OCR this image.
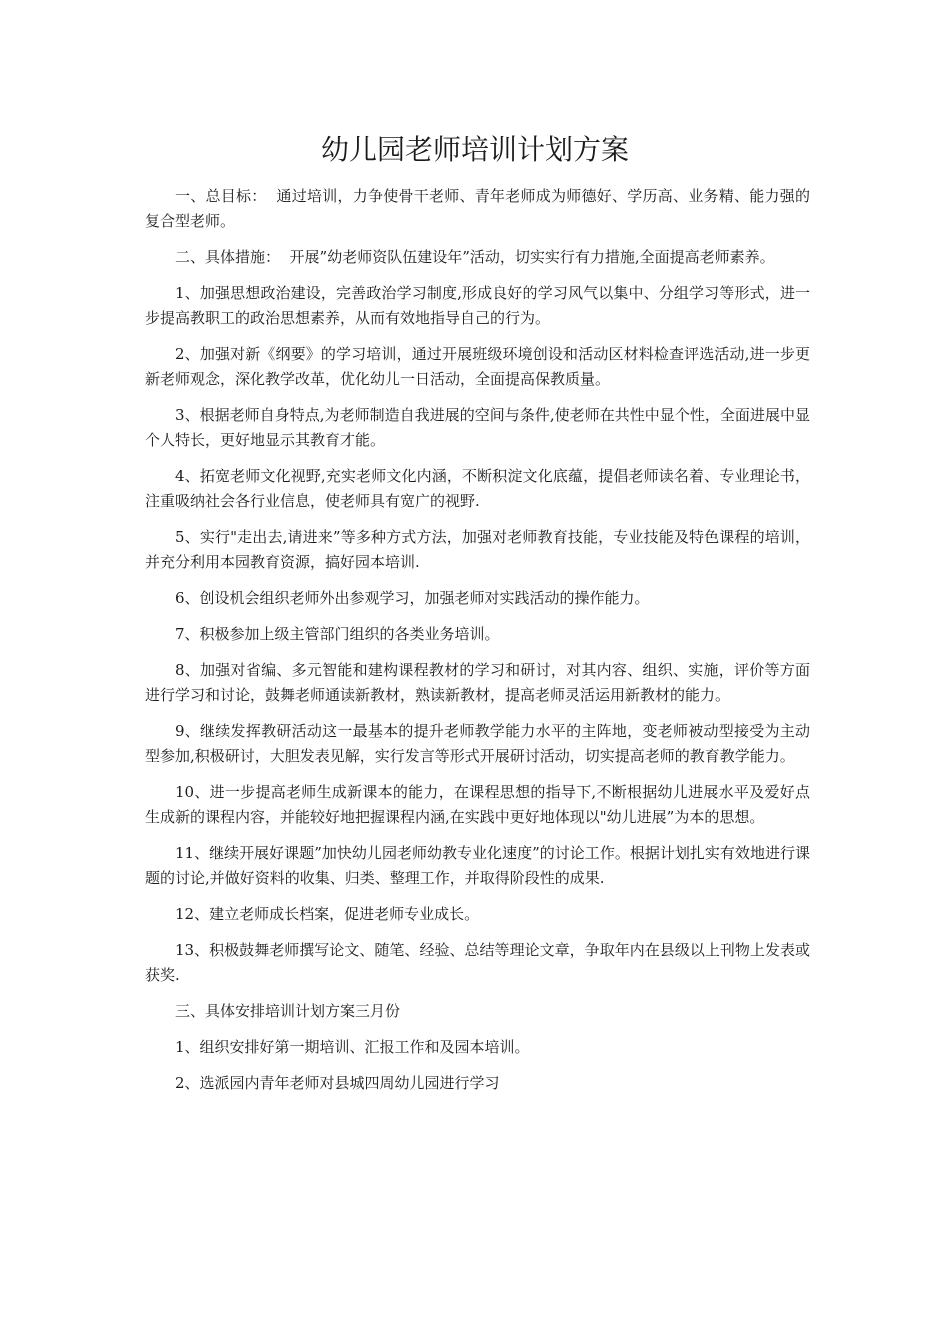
幼儿园老师培训计划方案

一、总目标：  通过培训，力争使骨干老师、青年老师成为师德好、学历高、业务精、能力强的复合型老师。

二、具体措施：  开展”幼老师资队伍建设年”活动，切实实行有力措施,全面提高老师素养。

1、加强思想政治建设，完善政治学习制度,形成良好的学习风气以集中、分组学习等形式，进一步提高教职工的政治思想素养，从而有效地指导自己的行为。

2、加强对新《纲要》的学习培训，通过开展班级环境创设和活动区材料检查评选活动,进一步更新老师观念，深化教学改革，优化幼儿一日活动，全面提高保教质量。

3、根据老师自身特点,为老师制造自我进展的空间与条件,使老师在共性中显个性，全面进展中显个人特长，更好地显示其教育才能。

4、拓宽老师文化视野,充实老师文化内涵，不断积淀文化底蕴，提倡老师读名着、专业理论书，注重吸纳社会各行业信息，使老师具有宽广的视野.

5、实行"走出去,请进来”等多种方式方法，加强对老师教育技能，专业技能及特色课程的培训，并充分利用本园教育资源，搞好园本培训.

6、创设机会组织老师外出参观学习，加强老师对实践活动的操作能力。

7、积极参加上级主管部门组织的各类业务培训。

8、加强对省编、多元智能和建构课程教材的学习和研讨，对其内容、组织、实施，评价等方面进行学习和讨论，鼓舞老师通读新教材，熟读新教材，提高老师灵活运用新教材的能力。

9、继续发挥教研活动这一最基本的提升老师教学能力水平的主阵地，变老师被动型接受为主动型参加,积极研讨，大胆发表见解，实行发言等形式开展研讨活动，切实提高老师的教育教学能力。

10、进一步提高老师生成新课本的能力，在课程思想的指导下,不断根据幼儿进展水平及爱好点生成新的课程内容，并能较好地把握课程内涵,在实践中更好地体现以"幼儿进展”为本的思想。

11、继续开展好课题”加快幼儿园老师幼教专业化速度”的讨论工作。根据计划扎实有效地进行课题的讨论,并做好资料的收集、归类、整理工作，并取得阶段性的成果.

12、建立老师成长档案，促进老师专业成长。

13、积极鼓舞老师撰写论文、随笔、经验、总结等理论文章，争取年内在县级以上刊物上发表或获奖.

三、具体安排培训计划方案三月份

1、组织安排好第一期培训、汇报工作和及园本培训。

2、选派园内青年老师对县城四周幼儿园进行学习
